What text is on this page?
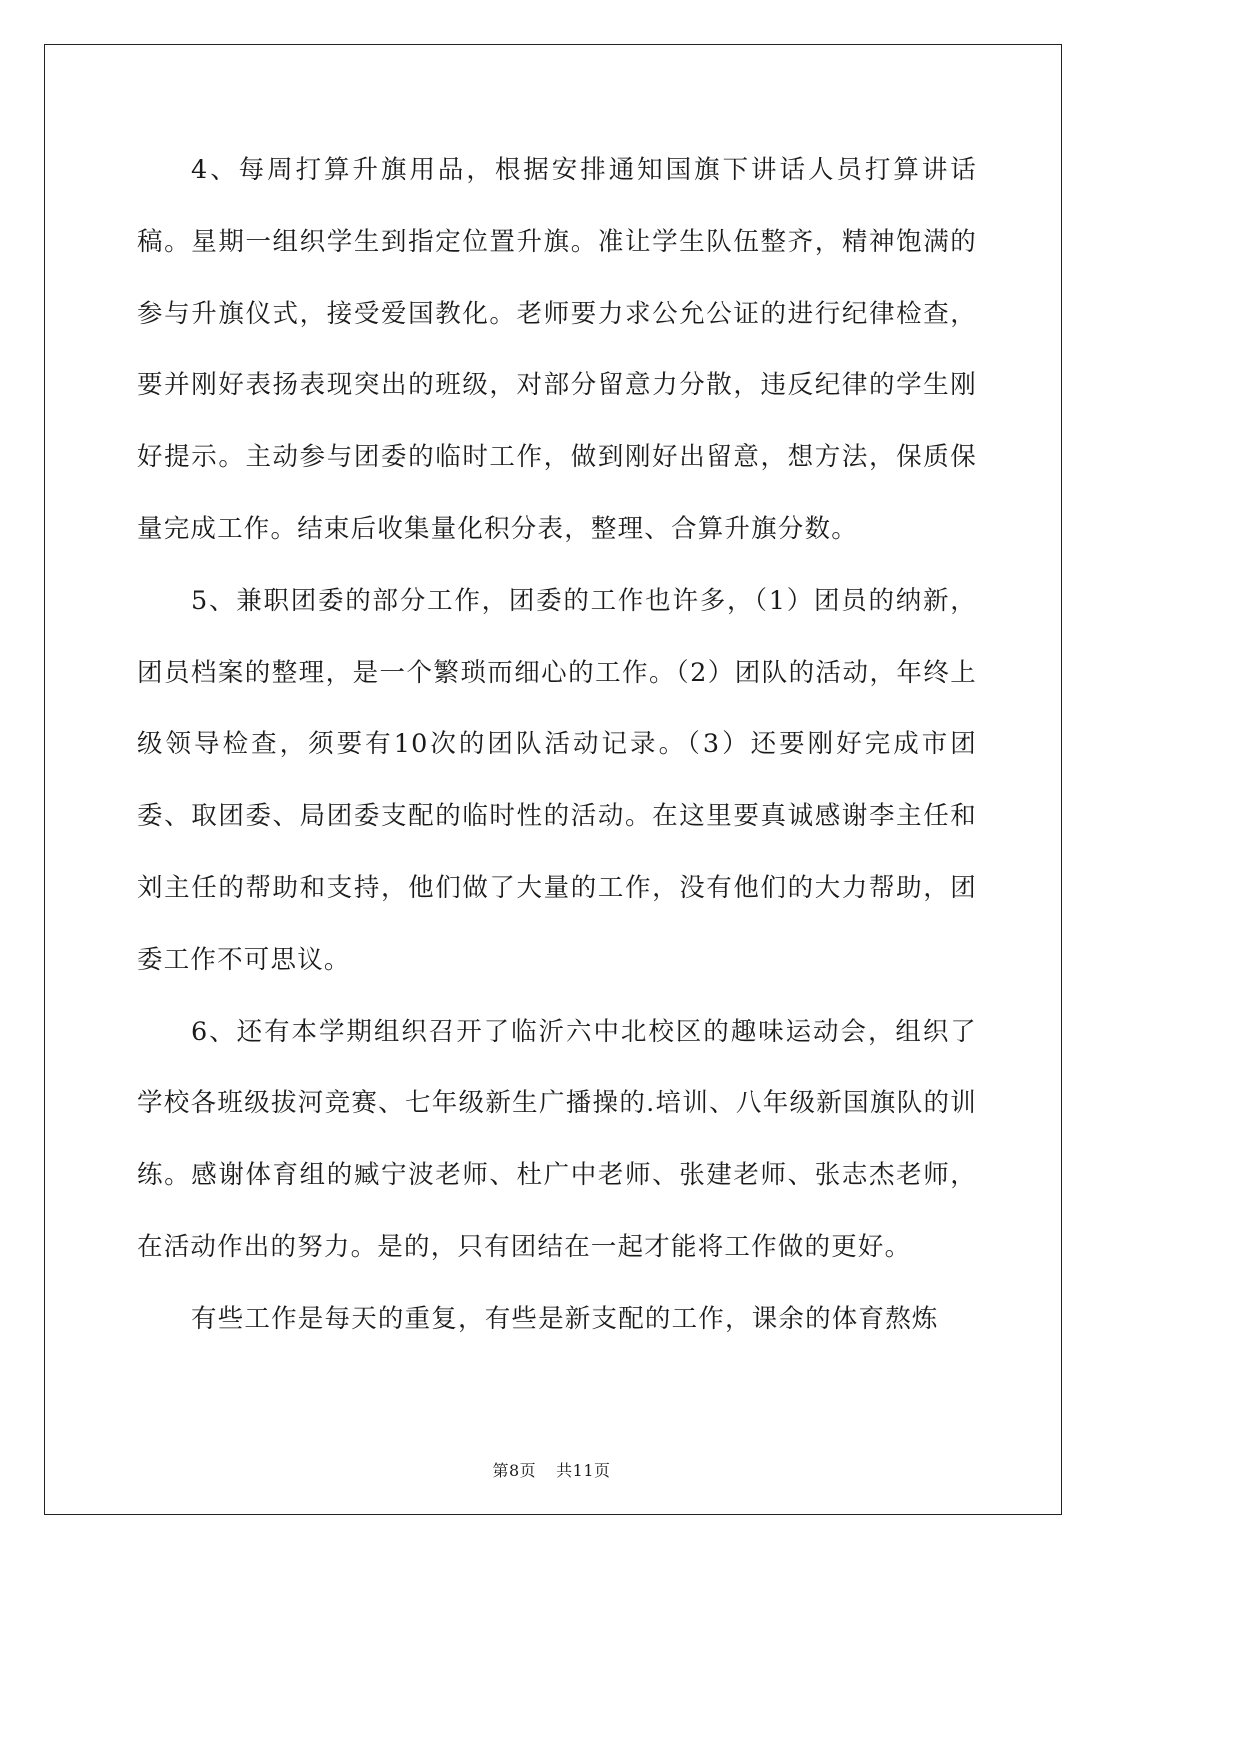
4、每周打算升旗用品，根据安排通知国旗下讲话人员打算讲话稿。星期一组织学生到指定位置升旗。准让学生队伍整齐，精神饱满的参与升旗仪式，接受爱国教化。老师要力求公允公证的进行纪律检查，要并刚好表扬表现突出的班级，对部分留意力分散，违反纪律的学生刚好提示。主动参与团委的临时工作，做到刚好出留意，想方法，保质保量完成工作。结束后收集量化积分表，整理、合算升旗分数。

5、兼职团委的部分工作，团委的工作也许多，（1）团员的纳新，团员档案的整理，是一个繁琐而细心的工作。（2）团队的活动，年终上级领导检查，须要有10次的团队活动记录。（3）还要刚好完成市团委、取团委、局团委支配的临时性的活动。在这里要真诚感谢李主任和刘主任的帮助和支持，他们做了大量的工作，没有他们的大力帮助，团委工作不可思议。

6、还有本学期组织召开了临沂六中北校区的趣味运动会，组织了学校各班级拔河竞赛、七年级新生广播操的.培训、八年级新国旗队的训练。感谢体育组的臧宁波老师、杜广中老师、张建老师、张志杰老师，在活动作出的努力。是的，只有团结在一起才能将工作做的更好。

有些工作是每天的重复，有些是新支配的工作，课余的体育熬炼

第8页 共11页
